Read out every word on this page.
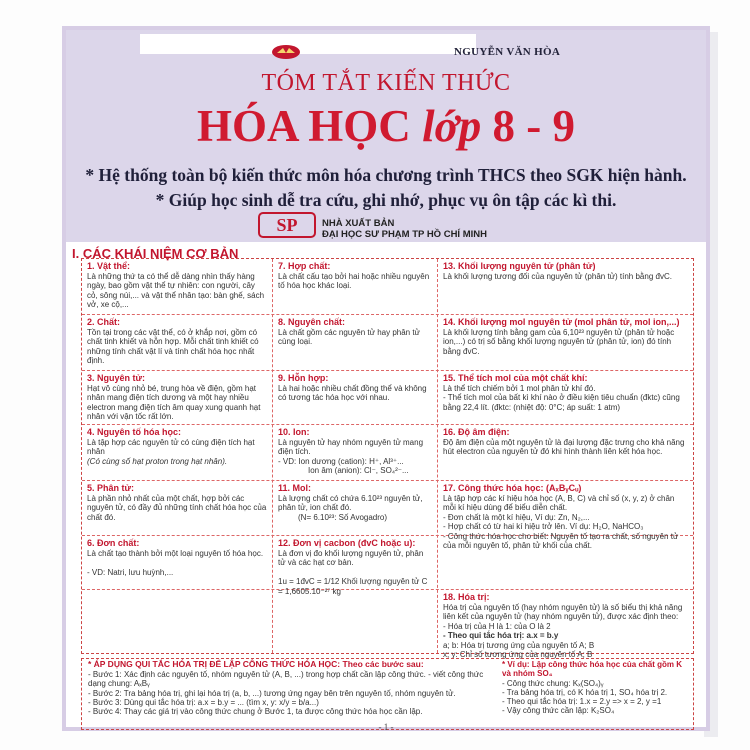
NGUYỄN VĂN HÒA
TÓM TẮT KIẾN THỨC
HÓA HỌC lớp 8 - 9
* Hệ thống toàn bộ kiến thức môn hóa chương trình THCS theo SGK hiện hành.
* Giúp học sinh dễ tra cứu, ghi nhớ, phục vụ ôn tập các kì thi.
SP	NHÀ XUẤT BẢN
ĐẠI HỌC SƯ PHẠM TP HỒ CHÍ MINH
I. CÁC KHÁI NIỆM CƠ BẢN
1. Vật thể:
Là những thứ ta có thể dễ dàng nhìn thấy hàng ngày, bao gồm vật thể tự nhiên: con người, cây cỏ, sông núi,... và vật thể nhân tạo: bàn ghế, sách vở, xe cộ,...
2. Chất:
Tồn tại trong các vật thể, có ở khắp nơi, gồm có chất tinh khiết và hỗn hợp. Mỗi chất tinh khiết có những tính chất vật lí và tính chất hóa học nhất định.
3. Nguyên tử:
Hạt vô cùng nhỏ bé, trung hòa về điện, gồm hạt nhân mang điện tích dương và một hay nhiều electron mang điện tích âm quay xung quanh hạt nhân với vận tốc rất lớn.
4. Nguyên tố hóa học:
Là tập hợp các nguyên tử có cùng điện tích hạt nhân
(Có cùng số hạt proton trong hạt nhân).
5. Phân tử:
Là phần nhỏ nhất của một chất, hợp bởi các nguyên tử, có đầy đủ những tính chất hóa học của chất đó.
6. Đơn chất:
Là chất tạo thành bởi một loại nguyên tố hóa học.

- VD: Natri, lưu huỳnh,...
7. Hợp chất:
Là chất cấu tạo bởi hai hoặc nhiều nguyên tố hóa học khác loại.
8. Nguyên chất:
Là chất gồm các nguyên tử hay phân tử cùng loại.
9. Hỗn hợp:
Là hai hoặc nhiều chất đồng thể và không có tương tác hóa học với nhau.
10. Ion:
Là nguyên tử hay nhóm nguyên tử mang điện tích.
- VD: Ion dương (cation): H⁺, Al³⁺...
Ion âm (anion): Cl⁻, SO₄²⁻...
11. Mol:
Là lượng chất có chứa 6.10²³ nguyên tử, phân tử, ion chất đó.
(N= 6.10²³: Số Avogadro)
12. Đơn vị cacbon (đvC hoặc u):
Là đơn vị đo khối lượng nguyên tử, phân tử và các hạt cơ bản.

1u = 1đvC = 1/12 Khối lượng nguyên tử C = 1,6605.10⁻²⁷ kg
13. Khối lượng nguyên tử (phân tử)
Là khối lượng tương đối của nguyên tử (phân tử) tính bằng đvC.
14. Khối lượng mol nguyên tử (mol phân tử, mol ion,...)
Là khối lượng tính bằng gam của 6,10²³ nguyên tử (phân tử hoặc ion,...) có trị số bằng khối lượng nguyên tử (phân tử, ion) đó tính bằng đvC.
15. Thể tích mol của một chất khí:
Là thể tích chiếm bởi 1 mol phân tử khí đó.
- Thể tích mol của bất kì khí nào ở điều kiện tiêu chuẩn (đktc) cũng bằng 22,4 lít. (đktc: (nhiệt độ: 0°C; áp suất: 1 atm)
16. Độ âm điện:
Độ âm điện của một nguyên tử là đại lượng đặc trưng cho khả năng hút electron của nguyên tử đó khi hình thành liên kết hóa học.
17. Công thức hóa học: (AₓBᵧCᵤ)
Là tập hợp các kí hiệu hóa học (A, B, C) và chỉ số (x, y, z) ở chân mỗi kí hiệu dùng để biểu diễn chất.
- Đơn chất là một kí hiệu, Ví dụ: Zn, N₂,...
- Hợp chất có từ hai kí hiệu trở lên. Ví dụ: H₂O, NaHCO₃
- Công thức hóa học cho biết: Nguyên tố tạo ra chất, số nguyên tử của mỗi nguyên tố, phân tử khối của chất.
18. Hóa trị:
Hóa trị của nguyên tố (hay nhóm nguyên tử) là số biểu thị khả năng liên kết của nguyên tử (hay nhóm nguyên tử), được xác định theo:
- Hóa trị của H là 1: của O là 2
- Theo qui tắc hóa trị: a.x = b.y
a; b: Hóa trị tương ứng của nguyên tố A; B
x; y: Chỉ số tương ứng của nguyên tố A; B
* ÁP DỤNG QUI TẮC HÓA TRỊ ĐỂ LẬP CÔNG THỨC HÓA HỌC: Theo các bước sau:
- Bước 1: Xác định các nguyên tố, nhóm nguyên tử (A, B, ...) trong hợp chất cần lập công thức. - viết công thức dạng chung: AₓBᵧ
- Bước 2: Tra bảng hóa trị, ghi lại hóa trị (a, b, ...) tương ứng ngay bên trên nguyên tố, nhóm nguyên tử.
- Bước 3: Dùng qui tắc hóa trị: a.x = b.y = ... (tìm x, y: x/y = b/a...)
- Bước 4: Thay các giá trị vào công thức chung ở Bước 1, ta được công thức hóa học cần lập.
* Ví dụ: Lập công thức hóa học của chất gồm K và nhóm SO₄
- Công thức chung: Kₓ(SO₄)ᵧ
- Tra bảng hóa trị, có K hóa trị 1, SO₄ hóa trị 2.
- Theo qui tắc hóa trị: 1.x = 2.y => x = 2, y =1
- Vậy công thức cần lập: K₂SO₄
- 1 -
